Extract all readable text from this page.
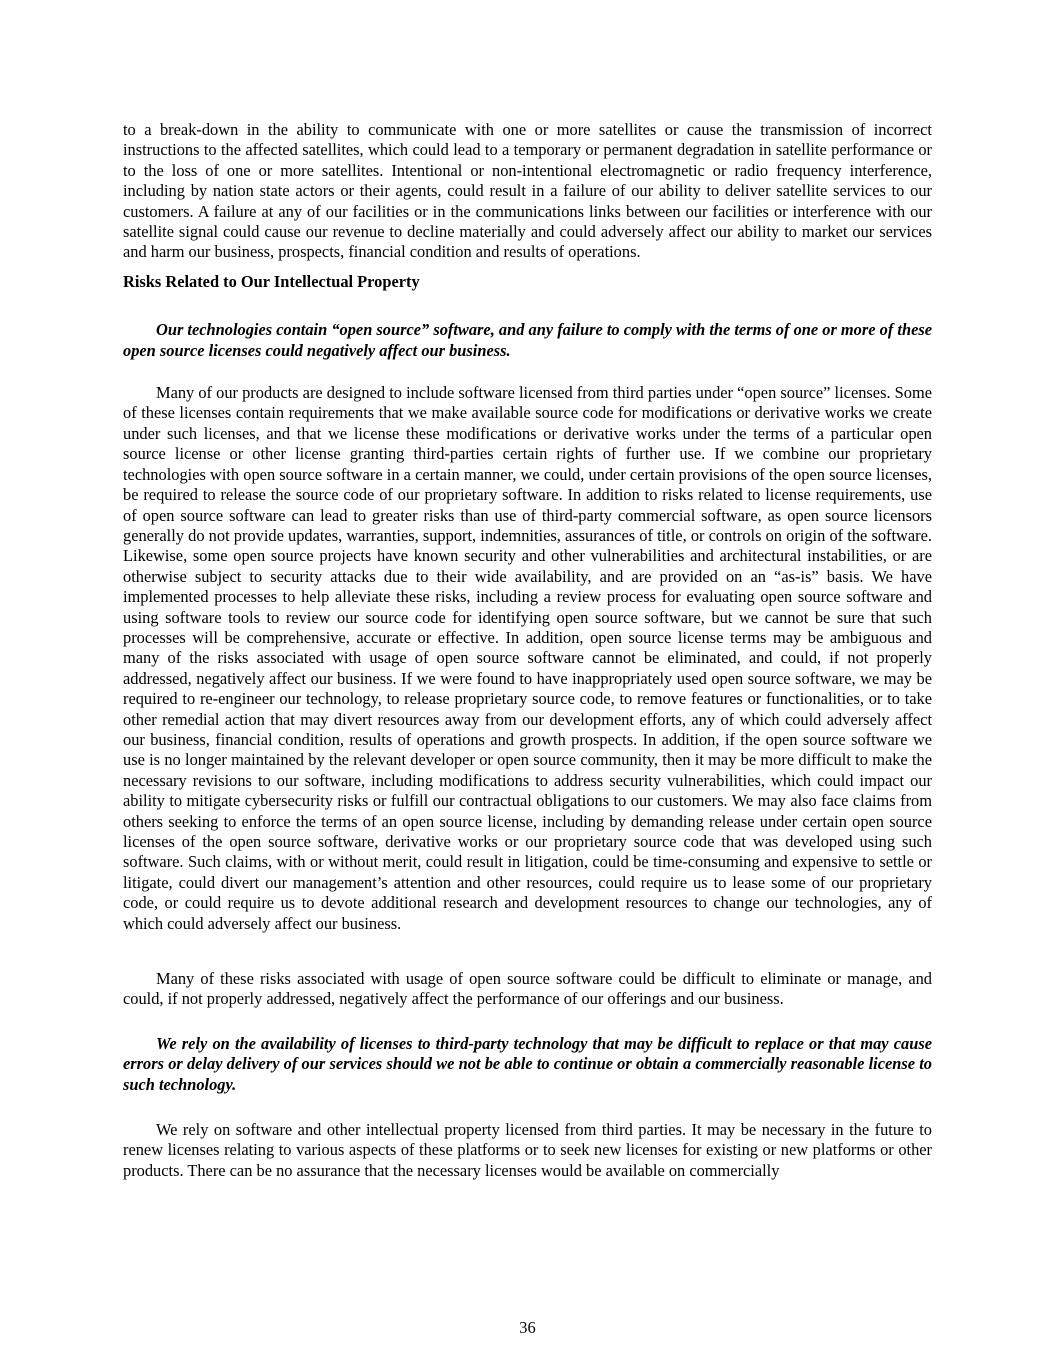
to a break-down in the ability to communicate with one or more satellites or cause the transmission of incorrect instructions to the affected satellites, which could lead to a temporary or permanent degradation in satellite performance or to the loss of one or more satellites. Intentional or non-intentional electromagnetic or radio frequency interference, including by nation state actors or their agents, could result in a failure of our ability to deliver satellite services to our customers. A failure at any of our facilities or in the communications links between our facilities or interference with our satellite signal could cause our revenue to decline materially and could adversely affect our ability to market our services and harm our business, prospects, financial condition and results of operations.

Risks Related to Our Intellectual Property

Our technologies contain “open source” software, and any failure to comply with the terms of one or more of these open source licenses could negatively affect our business.

Many of our products are designed to include software licensed from third parties under “open source” licenses. Some of these licenses contain requirements that we make available source code for modifications or derivative works we create under such licenses, and that we license these modifications or derivative works under the terms of a particular open source license or other license granting third-parties certain rights of further use. If we combine our proprietary technologies with open source software in a certain manner, we could, under certain provisions of the open source licenses, be required to release the source code of our proprietary software. In addition to risks related to license requirements, use of open source software can lead to greater risks than use of third-party commercial software, as open source licensors generally do not provide updates, warranties, support, indemnities, assurances of title, or controls on origin of the software. Likewise, some open source projects have known security and other vulnerabilities and architectural instabilities, or are otherwise subject to security attacks due to their wide availability, and are provided on an “as-is” basis. We have implemented processes to help alleviate these risks, including a review process for evaluating open source software and using software tools to review our source code for identifying open source software, but we cannot be sure that such processes will be comprehensive, accurate or effective. In addition, open source license terms may be ambiguous and many of the risks associated with usage of open source software cannot be eliminated, and could, if not properly addressed, negatively affect our business. If we were found to have inappropriately used open source software, we may be required to re-engineer our technology, to release proprietary source code, to remove features or functionalities, or to take other remedial action that may divert resources away from our development efforts, any of which could adversely affect our business, financial condition, results of operations and growth prospects. In addition, if the open source software we use is no longer maintained by the relevant developer or open source community, then it may be more difficult to make the necessary revisions to our software, including modifications to address security vulnerabilities, which could impact our ability to mitigate cybersecurity risks or fulfill our contractual obligations to our customers. We may also face claims from others seeking to enforce the terms of an open source license, including by demanding release under certain open source licenses of the open source software, derivative works or our proprietary source code that was developed using such software. Such claims, with or without merit, could result in litigation, could be time-consuming and expensive to settle or litigate, could divert our management’s attention and other resources, could require us to lease some of our proprietary code, or could require us to devote additional research and development resources to change our technologies, any of which could adversely affect our business.

Many of these risks associated with usage of open source software could be difficult to eliminate or manage, and could, if not properly addressed, negatively affect the performance of our offerings and our business.

We rely on the availability of licenses to third-party technology that may be difficult to replace or that may cause errors or delay delivery of our services should we not be able to continue or obtain a commercially reasonable license to such technology.

We rely on software and other intellectual property licensed from third parties. It may be necessary in the future to renew licenses relating to various aspects of these platforms or to seek new licenses for existing or new platforms or other products. There can be no assurance that the necessary licenses would be available on commercially

36
